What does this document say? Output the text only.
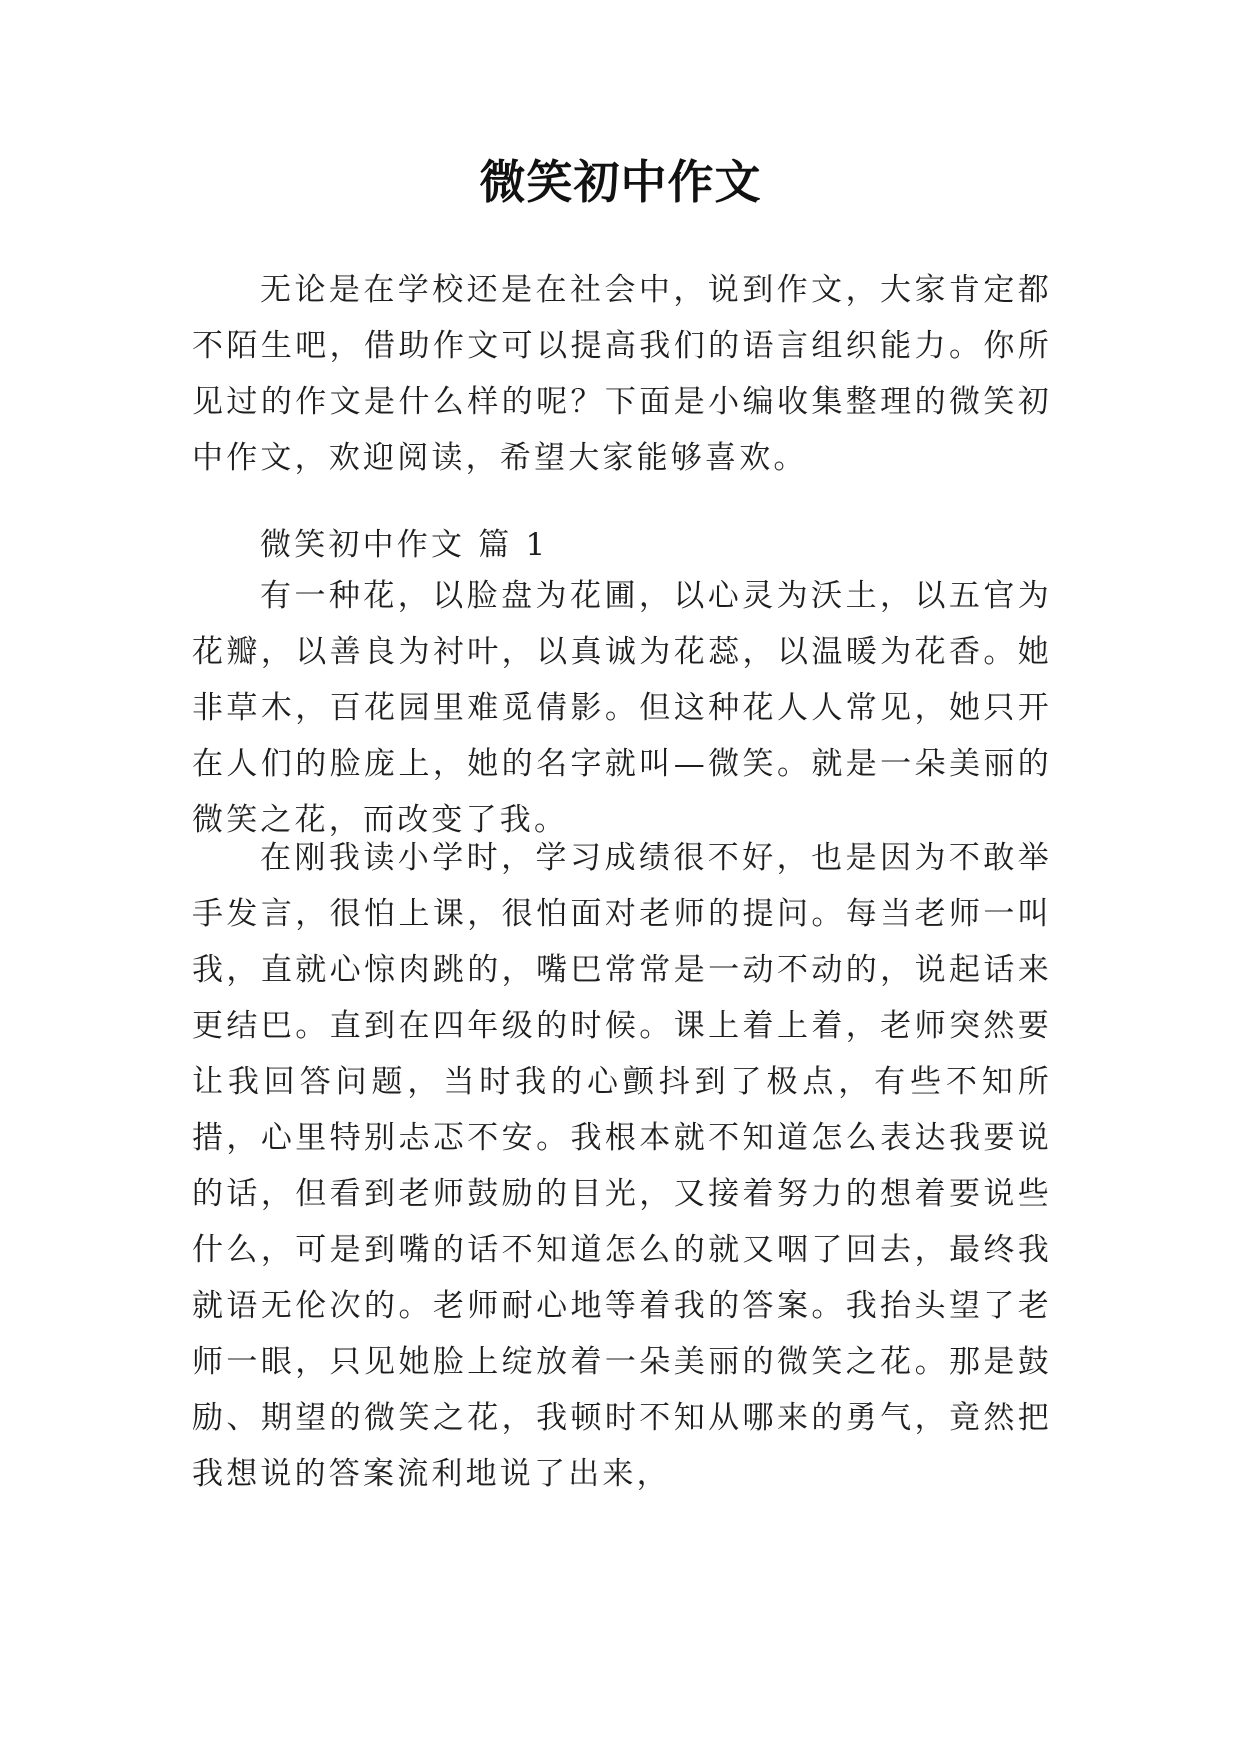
微笑初中作文

无论是在学校还是在社会中，说到作文，大家肯定都不陌生吧，借助作文可以提高我们的语言组织能力。你所见过的作文是什么样的呢？下面是小编收集整理的微笑初中作文，欢迎阅读，希望大家能够喜欢。

微笑初中作文 篇 1

有一种花，以脸盘为花圃，以心灵为沃土，以五官为花瓣，以善良为衬叶，以真诚为花蕊，以温暖为花香。她非草木，百花园里难觅倩影。但这种花人人常见，她只开在人们的脸庞上，她的名字就叫—微笑。就是一朵美丽的微笑之花，而改变了我。

在刚我读小学时，学习成绩很不好，也是因为不敢举手发言，很怕上课，很怕面对老师的提问。每当老师一叫我，直就心惊肉跳的，嘴巴常常是一动不动的，说起话来更结巴。直到在四年级的时候。课上着上着，老师突然要让我回答问题，当时我的心颤抖到了极点，有些不知所措，心里特别忐忑不安。我根本就不知道怎么表达我要说的话，但看到老师鼓励的目光，又接着努力的想着要说些什么，可是到嘴的话不知道怎么的就又咽了回去，最终我就语无伦次的。老师耐心地等着我的答案。我抬头望了老师一眼，只见她脸上绽放着一朵美丽的微笑之花。那是鼓励、期望的微笑之花，我顿时不知从哪来的勇气，竟然把我想说的答案流利地说了出来，
